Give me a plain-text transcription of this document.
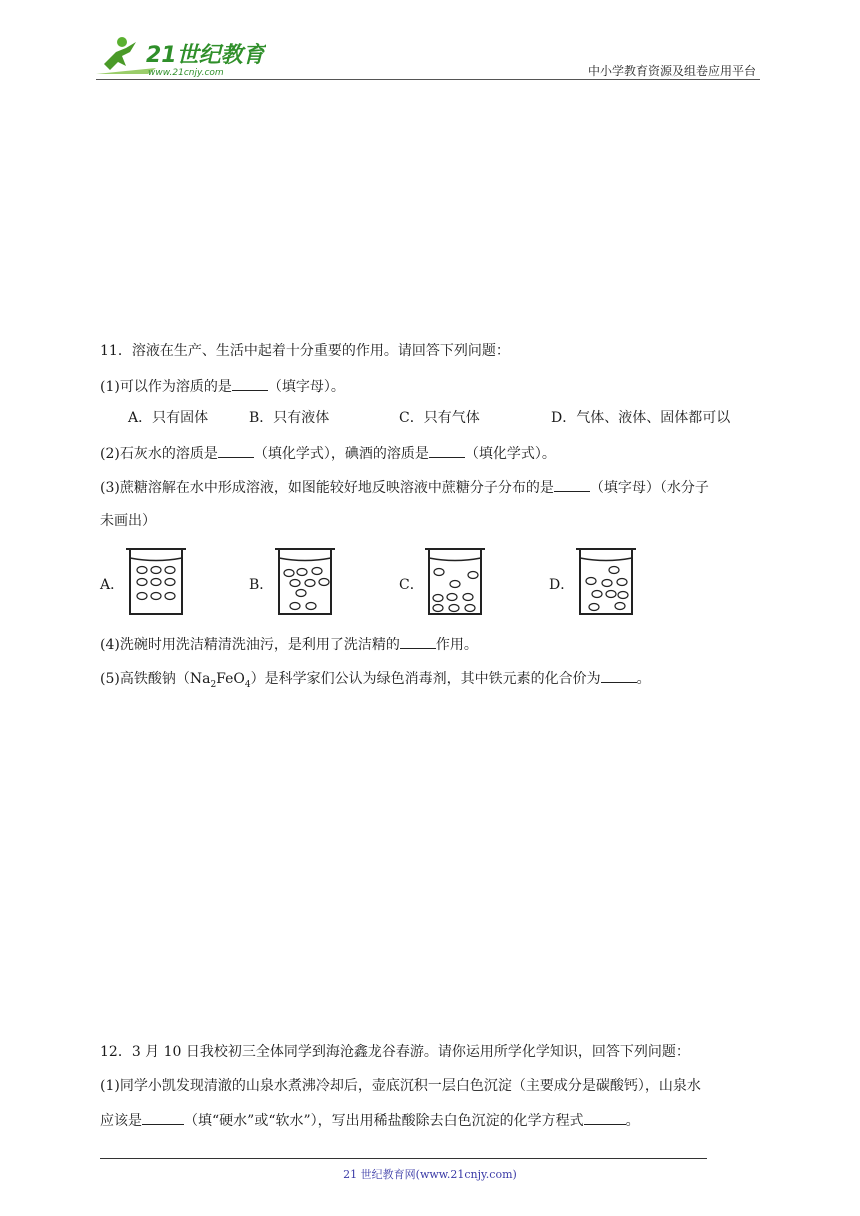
21世纪教育
www.21cnjy.com	中小学教育资源及组卷应用平台
11．溶液在生产、生活中起着十分重要的作用。请回答下列问题：
(1)可以作为溶质的是	（填字母）。
A．只有固体	B．只有液体	C．只有气体	D．气体、液体、固体都可以
(2)石灰水的溶质是	（填化学式），碘酒的溶质是	（填化学式）。
(3)蔗糖溶解在水中形成溶液，如图能较好地反映溶液中蔗糖分子分布的是	（填字母）（水分子
未画出）
A．	B．	C．	D．
(4)洗碗时用洗洁精清洗油污，是利用了洗洁精的	作用。
(5)高铁酸钠$(Na_2FeO_4)$是科学家们公认为绿色消毒剂，其中铁元素的化合价为	。
12．3 月 10 日我校初三全体同学到海沧鑫龙谷春游。请你运用所学化学知识，回答下列问题：
(1)同学小凯发现清澈的山泉水煮沸冷却后，壶底沉积一层白色沉淀（主要成分是碳酸钙），山泉水
应该是	（填“硬水”或“软水”），写出用稀盐酸除去白色沉淀的化学方程式	。
21 世纪教育网(www.21cnjy.com)
